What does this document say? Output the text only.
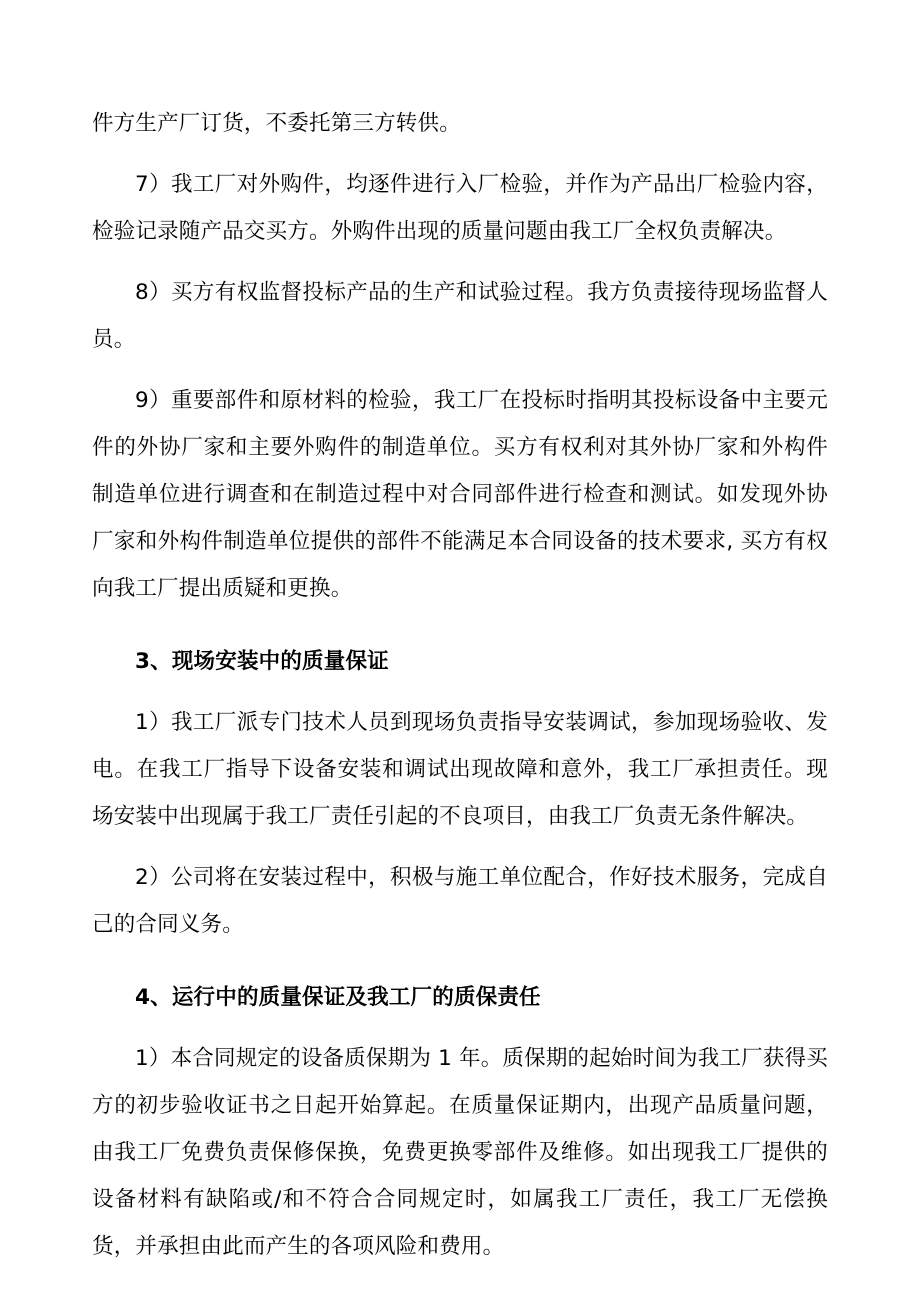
件方生产厂订货，不委托第三方转供。

7）我工厂对外购件，均逐件进行入厂检验，并作为产品出厂检验内容，检验记录随产品交买方。外购件出现的质量问题由我工厂全权负责解决。

8）买方有权监督投标产品的生产和试验过程。我方负责接待现场监督人员。

9）重要部件和原材料的检验，我工厂在投标时指明其投标设备中主要元件的外协厂家和主要外购件的制造单位。买方有权利对其外协厂家和外构件制造单位进行调查和在制造过程中对合同部件进行检查和测试。如发现外协厂家和外构件制造单位提供的部件不能满足本合同设备的技术要求, 买方有权向我工厂提出质疑和更换。

3、现场安装中的质量保证

1）我工厂派专门技术人员到现场负责指导安装调试，参加现场验收、发电。在我工厂指导下设备安装和调试出现故障和意外，我工厂承担责任。现场安装中出现属于我工厂责任引起的不良项目，由我工厂负责无条件解决。

2）公司将在安装过程中，积极与施工单位配合，作好技术服务，完成自己的合同义务。

4、运行中的质量保证及我工厂的质保责任

1）本合同规定的设备质保期为 1 年。质保期的起始时间为我工厂获得买方的初步验收证书之日起开始算起。在质量保证期内，出现产品质量问题，由我工厂免费负责保修保换，免费更换零部件及维修。如出现我工厂提供的设备材料有缺陷或/和不符合合同规定时，如属我工厂责任，我工厂无偿换货，并承担由此而产生的各项风险和费用。
